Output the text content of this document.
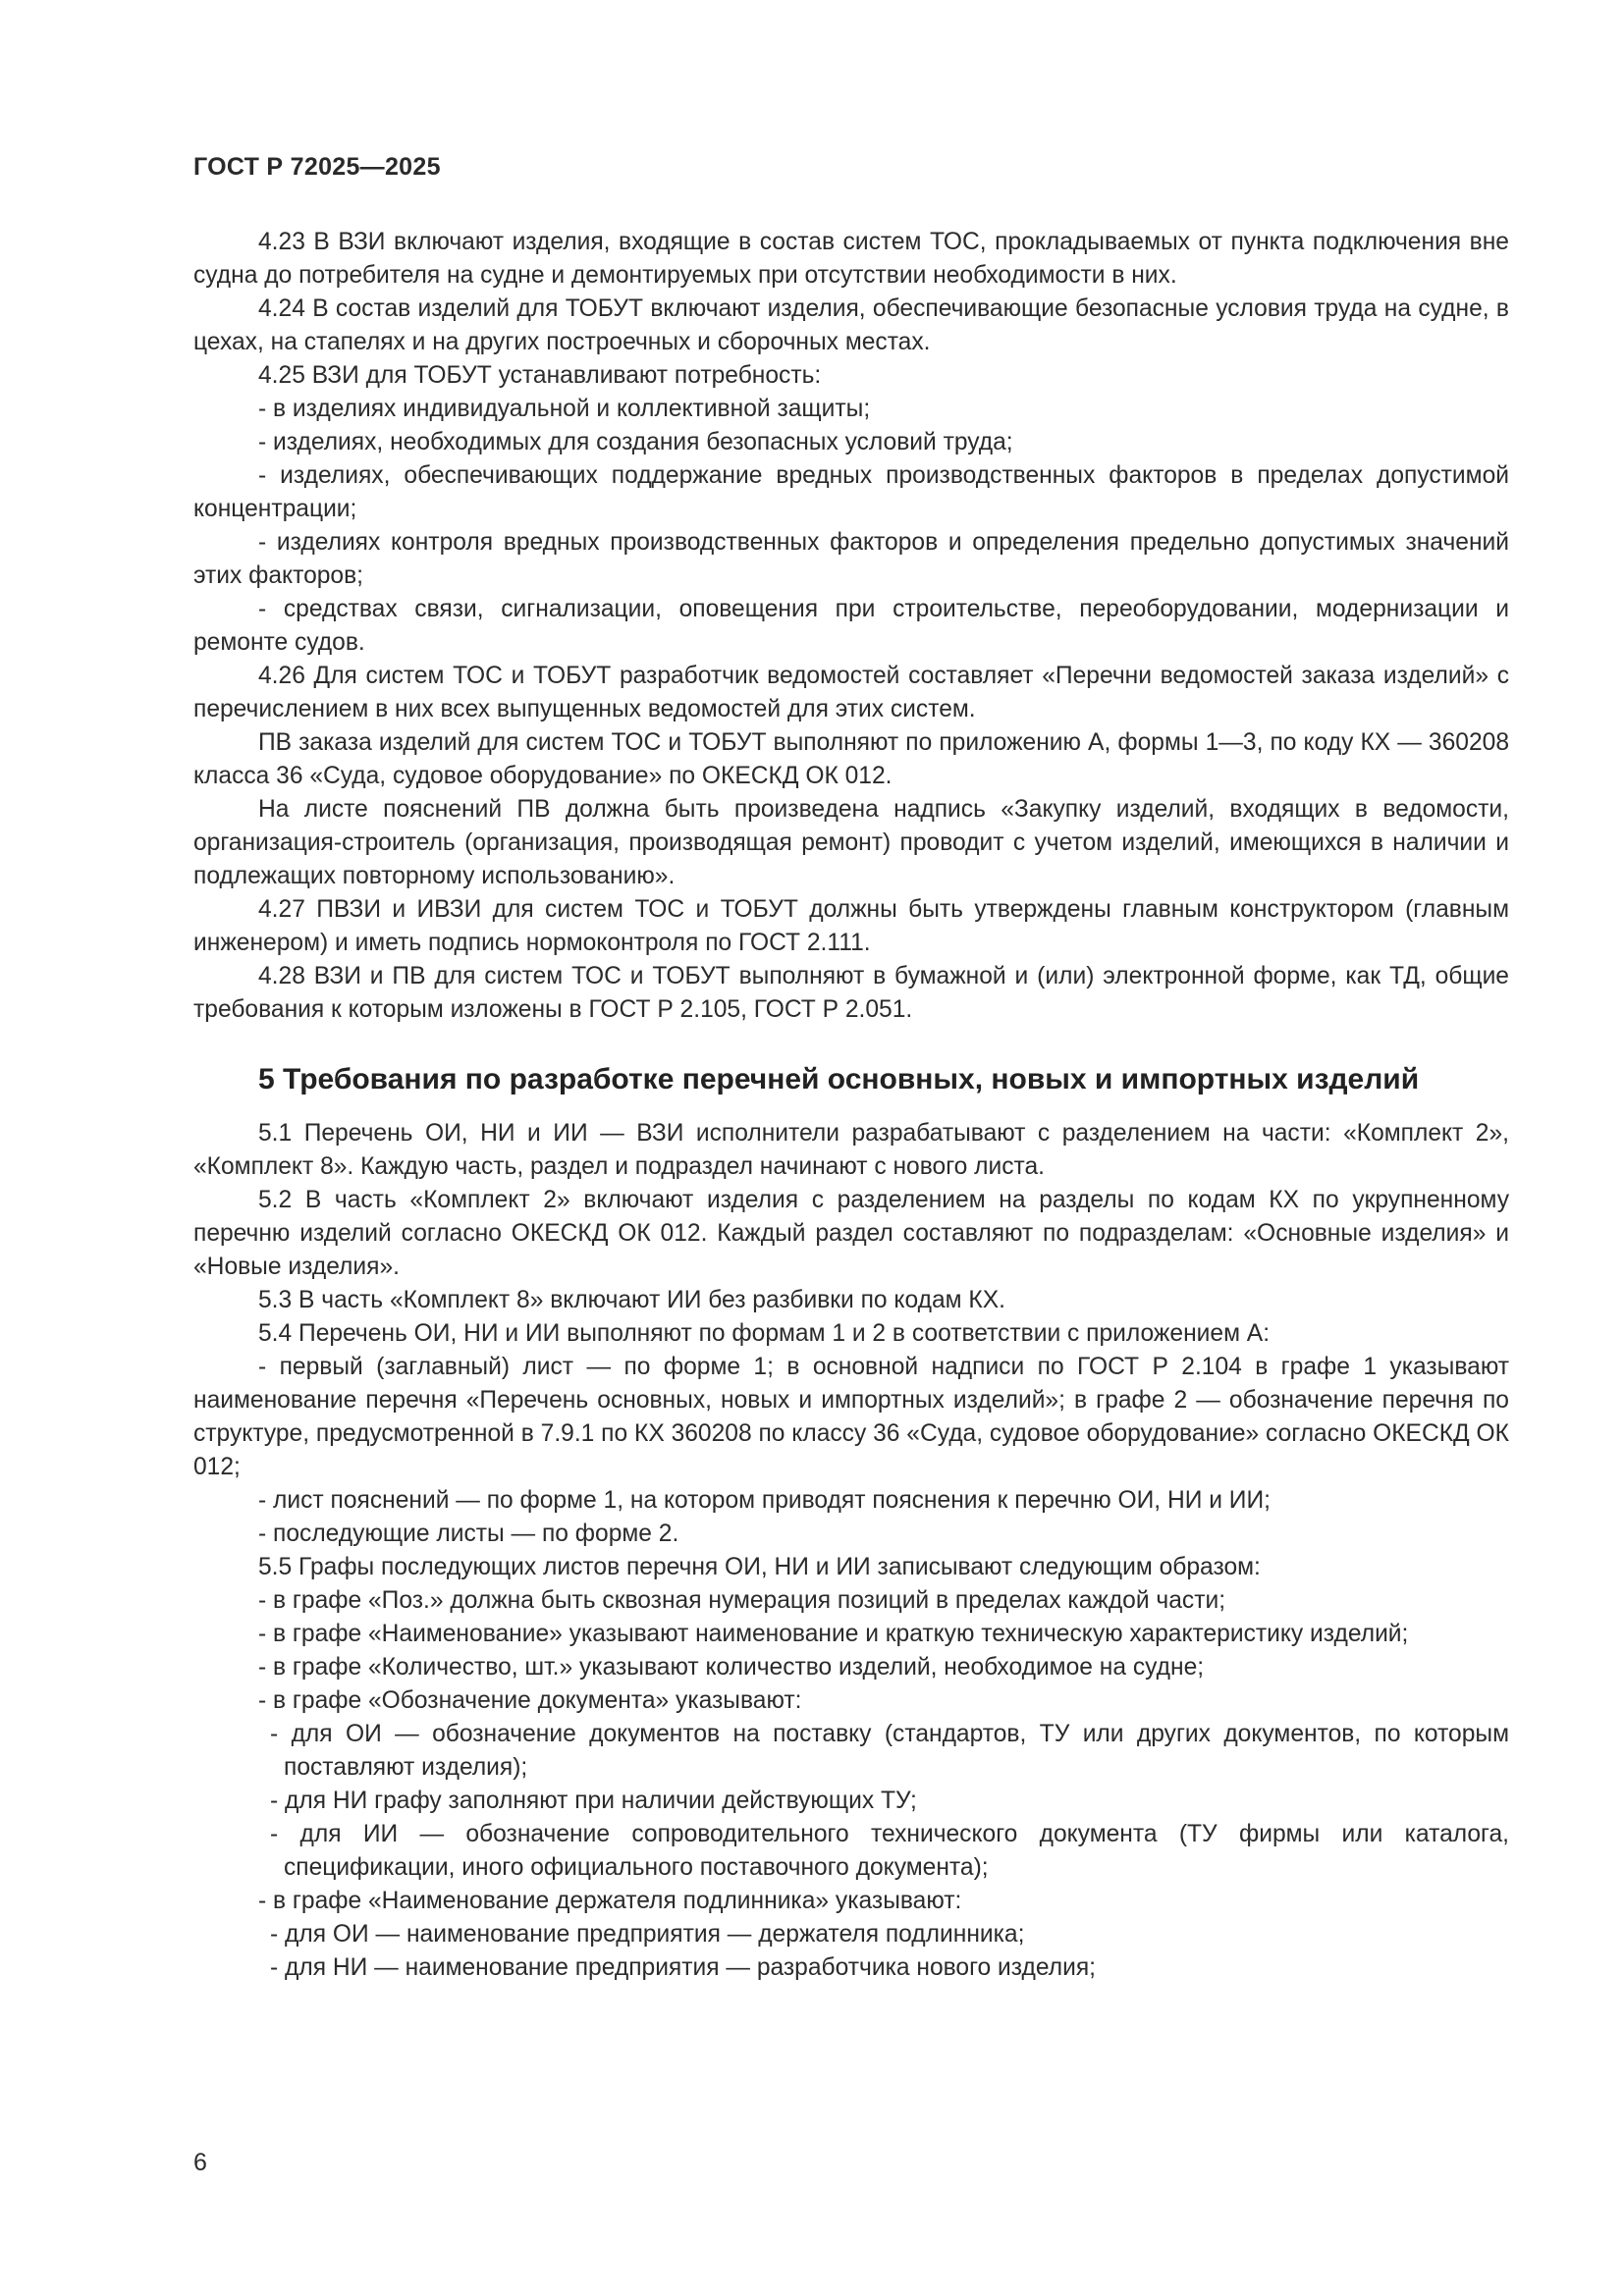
ГОСТ Р 72025—2025

4.23 В ВЗИ включают изделия, входящие в состав систем ТОС, прокладываемых от пункта подключения вне судна до потребителя на судне и демонтируемых при отсутствии необходимости в них.

4.24 В состав изделий для ТОБУТ включают изделия, обеспечивающие безопасные условия труда на судне, в цехах, на стапелях и на других построечных и сборочных местах.

4.25 ВЗИ для ТОБУТ устанавливают потребность:

- в изделиях индивидуальной и коллективной защиты;

- изделиях, необходимых для создания безопасных условий труда;

- изделиях, обеспечивающих поддержание вредных производственных факторов в пределах допустимой концентрации;

- изделиях контроля вредных производственных факторов и определения предельно допустимых значений этих факторов;

- средствах связи, сигнализации, оповещения при строительстве, переоборудовании, модернизации и ремонте судов.

4.26 Для систем ТОС и ТОБУТ разработчик ведомостей составляет «Перечни ведомостей заказа изделий» с перечислением в них всех выпущенных ведомостей для этих систем.

ПВ заказа изделий для систем ТОС и ТОБУТ выполняют по приложению А, формы 1—3, по коду КХ — 360208 класса 36 «Суда, судовое оборудование» по ОКЕСКД ОК 012.

На листе пояснений ПВ должна быть произведена надпись «Закупку изделий, входящих в ведомости, организация-строитель (организация, производящая ремонт) проводит с учетом изделий, имеющихся в наличии и подлежащих повторному использованию».

4.27 ПВЗИ и ИВЗИ для систем ТОС и ТОБУТ должны быть утверждены главным конструктором (главным инженером) и иметь подпись нормоконтроля по ГОСТ 2.111.

4.28 ВЗИ и ПВ для систем ТОС и ТОБУТ выполняют в бумажной и (или) электронной форме, как ТД, общие требования к которым изложены в ГОСТ Р 2.105, ГОСТ Р 2.051.

5 Требования по разработке перечней основных, новых и импортных изделий

5.1 Перечень ОИ, НИ и ИИ — ВЗИ исполнители разрабатывают с разделением на части: «Комплект 2», «Комплект 8». Каждую часть, раздел и подраздел начинают с нового листа.

5.2 В часть «Комплект 2» включают изделия с разделением на разделы по кодам КХ по укрупненному перечню изделий согласно ОКЕСКД ОК 012. Каждый раздел составляют по подразделам: «Основные изделия» и «Новые изделия».

5.3 В часть «Комплект 8» включают ИИ без разбивки по кодам КХ.

5.4 Перечень ОИ, НИ и ИИ выполняют по формам 1 и 2 в соответствии с приложением А:

- первый (заглавный) лист — по форме 1; в основной надписи по ГОСТ Р 2.104 в графе 1 указывают наименование перечня «Перечень основных, новых и импортных изделий»; в графе 2 — обозначение перечня по структуре, предусмотренной в 7.9.1 по КХ 360208 по классу 36 «Суда, судовое оборудование» согласно ОКЕСКД ОК 012;

- лист пояснений — по форме 1, на котором приводят пояснения к перечню ОИ, НИ и ИИ;

- последующие листы — по форме 2.

5.5 Графы последующих листов перечня ОИ, НИ и ИИ записывают следующим образом:

- в графе «Поз.» должна быть сквозная нумерация позиций в пределах каждой части;

- в графе «Наименование» указывают наименование и краткую техническую характеристику изделий;

- в графе «Количество, шт.» указывают количество изделий, необходимое на судне;

- в графе «Обозначение документа» указывают:

- для ОИ — обозначение документов на поставку (стандартов, ТУ или других документов, по которым поставляют изделия);

- для НИ графу заполняют при наличии действующих ТУ;

- для ИИ — обозначение сопроводительного технического документа (ТУ фирмы или каталога, спецификации, иного официального поставочного документа);

- в графе «Наименование держателя подлинника» указывают:

- для ОИ — наименование предприятия — держателя подлинника;

- для НИ — наименование предприятия — разработчика нового изделия;

6
